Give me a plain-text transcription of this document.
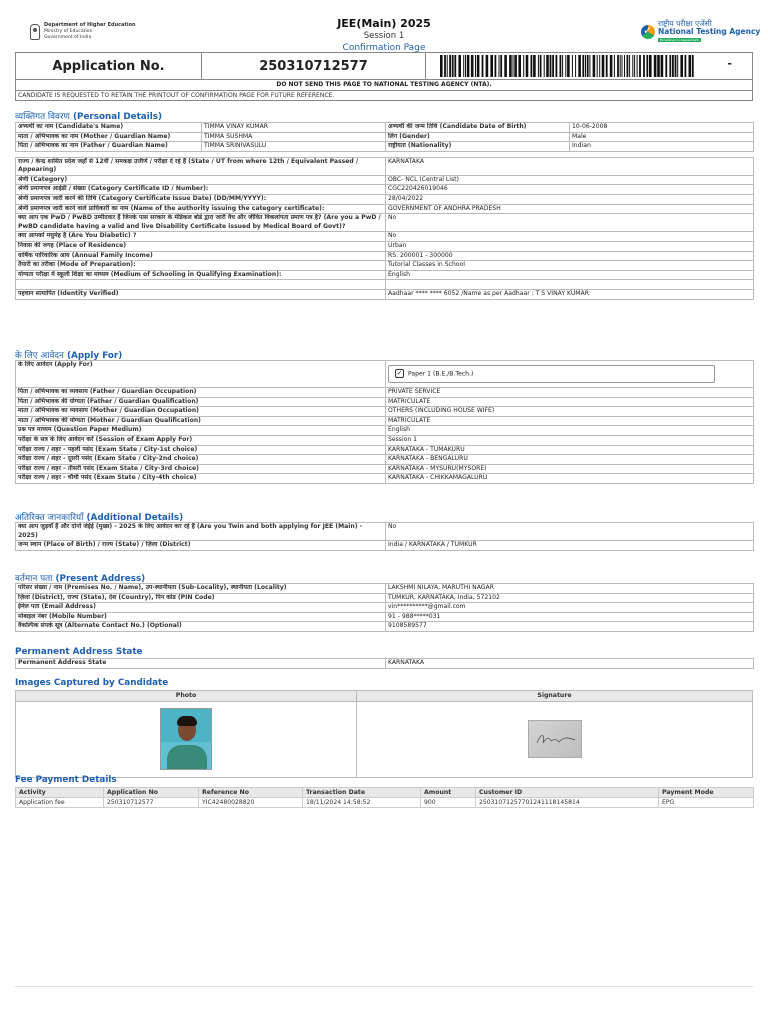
Department of Higher Education
Ministry of Education
Government of India
JEE(Main) 2025
Session 1
Confirmation Page
✓
राष्ट्रीय परीक्षा एजेंसी
National Testing Agency
Excellence in Assessment
Application No.	250310712577	-
DO NOT SEND THIS PAGE TO NATIONAL TESTING AGENCY (NTA).
CANDIDATE IS REQUESTED TO RETAIN THE PRINTOUT OF CONFIRMATION PAGE FOR FUTURE REFERENCE.
व्यक्तिगत विवरण (Personal Details)
अभ्यर्थी का नाम (Candidate's Name)	TIMMA VINAY KUMAR	अभ्यर्थी की जन्म तिथि (Candidate Date of Birth)	10-06-2008
माता / अभिभावक का नाम (Mother / Guardian Name)	TIMMA SUSHMA	लिंग (Gender)	Male
पिता / अभिभावक का नाम (Father / Guardian Name)	TIMMA SRINIVASULU	राष्ट्रीयता (Nationality)	Indian
राज्य / केन्द्र शासित प्रदेश जहाँ से 12वीं / समकक्ष उत्तीर्ण / परीक्षा दे रहे हैं (State / UT from where 12th / Equivalent Passed / Appearing)	KARNATAKA
श्रेणी (Category)	OBC- NCL (Central List)
श्रेणी प्रमाणपत्र आईडी / संख्या (Category Certificate ID / Number):	CGC220426019046
श्रेणी प्रमाणपत्र जारी करने की तिथि (Category Certificate Issue Date) (DD/MM/YYYY):	28/04/2022
श्रेणी प्रमाणपत्र जारी करने वाले प्राधिकारी का नाम (Name of the authority issuing the category certificate):	GOVERNMENT OF ANDHRA PRADESH
क्या आप एक PwD / PwBD उम्मीदवार हैं जिनके पास सरकार के मेडिकल बोर्ड द्वारा जारी वैध और जीवित विकलांगता प्रमाण पत्र है? (Are you a PwD / PwBD candidate having a valid and live Disability Certificate issued by Medical Board of Govt)?	No
क्या आपको मधुमेह है (Are You Diabetic) ?	No
निवास की जगह (Place of Residence)	Urban
वार्षिक पारिवारिक आय (Annual Family Income)	RS. 200001 - 300000
तैयारी का तरीका (Mode of Preparation):	Tutorial Classes in School
योग्यता परीक्षा में स्कूली शिक्षा का माध्यम (Medium of Schooling in Qualifying Examination):	English

पहचान सत्यापित (Identity Verified)	Aadhaar **** **** 6052 /Name as per Aadhaar : T S VINAY KUMAR
के लिए आवेदन (Apply For)
के लिए आवेदन (Apply For)	✓ Paper 1 (B.E./B.Tech.)
पिता / अभिभावक का व्यवसाय (Father / Guardian Occupation)	PRIVATE SERVICE
पिता / अभिभावक की योग्यता (Father / Guardian Qualification)	MATRICULATE
माता / अभिभावक का व्यवसाय (Mother / Guardian Occupation)	OTHERS (INCLUDING HOUSE WIFE)
माता / अभिभावक की योग्यता (Mother / Guardian Qualification)	MATRICULATE
प्रश्न पत्र माध्यम (Question Paper Medium)	English
परीक्षा के सत्र के लिए आवेदन करें (Session of Exam Apply For)	Session 1
परीक्षा राज्य / शहर - पहली पसंद (Exam State / City-1st choice)	KARNATAKA - TUMAKURU
परीक्षा राज्य / शहर - दूसरी पसंद (Exam State / City-2nd choice)	KARNATAKA - BENGALURU
परीक्षा राज्य / शहर - तीसरी पसंद (Exam State / City-3rd choice)	KARNATAKA - MYSURU(MYSORE)
परीक्षा राज्य / शहर - चौथी पसंद (Exam State / City-4th choice)	KARNATAKA - CHIKKAMAGALURU
अतिरिक्त जानकारियाँ (Additional Details)
क्या आप जुड़वाँ हैं और दोनों जेईई (मुख्य) - 2025 के लिए आवेदन कर रहे हैं (Are you Twin and both applying for JEE (Main) - 2025)	No
जन्म स्थान (Place of Birth) / राज्य (State) / ज़िला (District)	India / KARNATAKA / TUMKUR
वर्तमान पता (Present Address)
परिसर संख्या / नाम (Premises No. / Name), उप-स्थानीयता (Sub-Locality), स्थानीयता (Locality)	LAKSHMI NILAYA, MARUTHI NAGAR
ज़िला (District), राज्य (State), देश (Country), पिन कोड (PIN Code)	TUMKUR, KARNATAKA, India, 572102
ईमेल पता (Email Address)	vin**********@gmail.com
मोबाइल नंबर (Mobile Number)	91 - 988*****031
वैकल्पिक संपर्क सूत्र (Alternate Contact No.) (Optional)	9108589577
Permanent Address State
Permanent Address State	KARNATAKA
Images Captured by Candidate
Photo	Signature

Fee Payment Details
Activity	Application No	Reference No	Transaction Date	Amount	Customer ID	Payment Mode
Application fee	250310712577	YIC42480028820	18/11/2024 14:58:52	900	25031071257701241118145814	EPG
